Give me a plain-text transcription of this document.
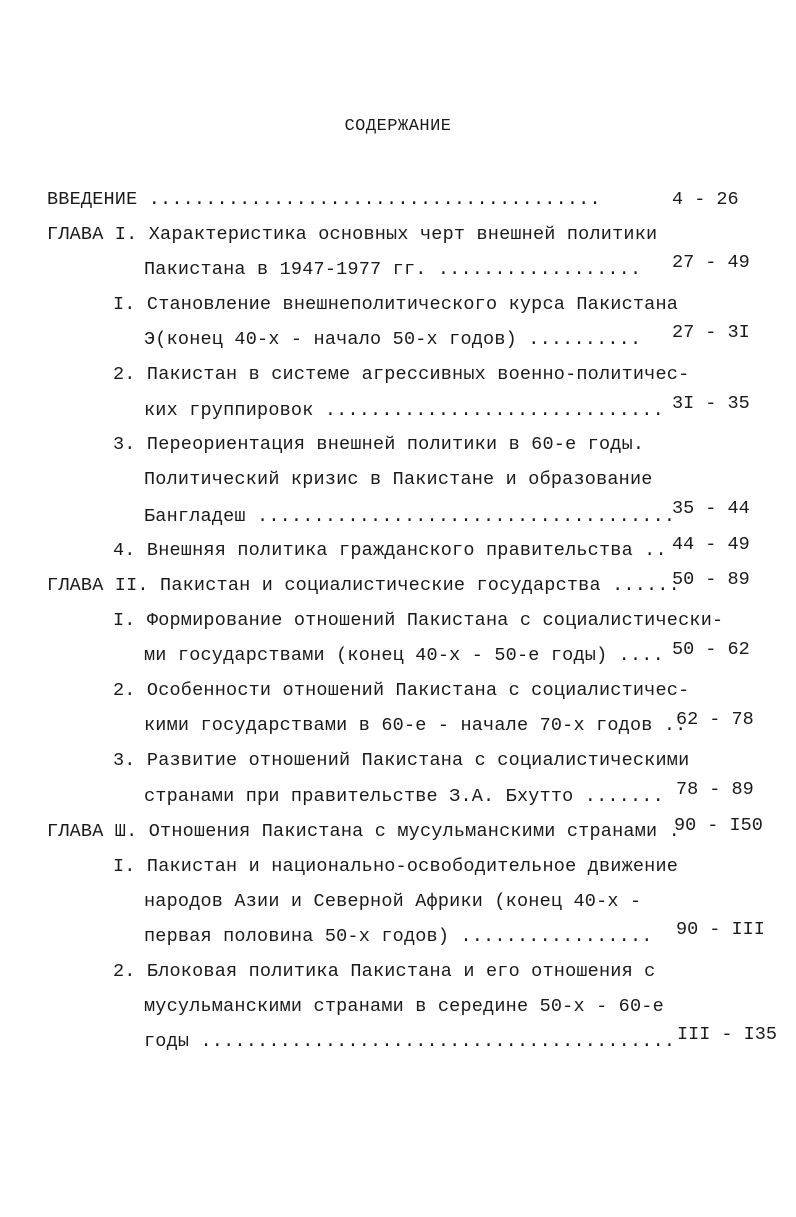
СОДЕРЖАНИЕ
ВВЕДЕНИЕ ........................................	4 - 26
ГЛАВА I. Характеристика основных черт внешней политики
Пакистана в 1947-1977 гг. .................. 27 - 49
I. Становление внешнеполитического курса Пакистана
Э(конец 40-х - начало 50-х годов) .......... 27 - 3I
2. Пакистан в системе агрессивных военно-политичес-
ких группировок .............................. 3I - 35
3. Переориентация внешней политики в 60-е годы.
Политический кризис в Пакистане и образование
Бангладеш .....................................
35 - 44
4. Внешняя политика гражданского правительства .. 44 - 49
ГЛАВА II. Пакистан и социалистические государства ......
50 - 89
I. Формирование отношений Пакистана с социалистически-
ми государствами (конец 40-х - 50-е годы) .... 50 - 62
2. Особенности отношений Пакистана с социалистичес-
кими государствами в 60-е - начале 70-х годов ..
62 - 78
3. Развитие отношений Пакистана с социалистическими
странами при правительстве З.А. Бхутто ....... 78 - 89
ГЛАВА Ш. Отношения Пакистана с мусульманскими странами .
90 - I50
I. Пакистан и национально-освободительное движение
народов Азии и Северной Африки (конец 40-х -
первая половина 50-х годов) ................. 90 - III
2. Блоковая политика Пакистана и его отношения с
мусульманскими странами в середине 50-х - 60-е
годы .......................................... III - I35
